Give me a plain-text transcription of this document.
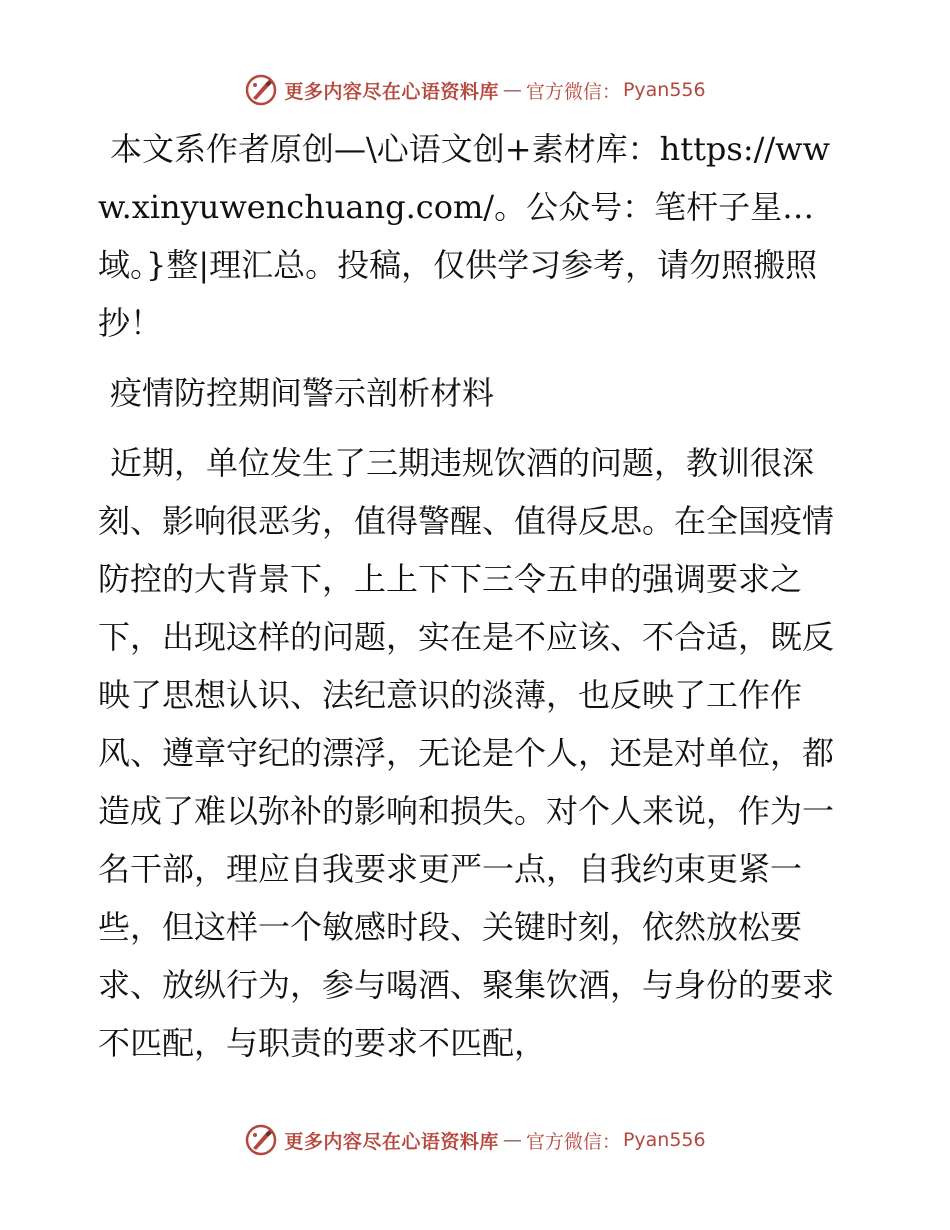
更多内容尽在心语资料库 — 官方微信： Pyan556

本文系作者原创—\心语文创+素材库：https://www.xinyuwenchuang.com/。公众号：笔杆子星…域。}整|理汇总。投稿，仅供学习参考，请勿照搬照抄！

疫情防控期间警示剖析材料

近期，单位发生了三期违规饮酒的问题，教训很深刻、影响很恶劣，值得警醒、值得反思。在全国疫情防控的大背景下，上上下下三令五申的强调要求之下，出现这样的问题，实在是不应该、不合适，既反映了思想认识、法纪意识的淡薄，也反映了工作作风、遵章守纪的漂浮，无论是个人，还是对单位，都造成了难以弥补的影响和损失。对个人来说，作为一名干部，理应自我要求更严一点，自我约束更紧一些，但这样一个敏感时段、关键时刻，依然放松要求、放纵行为，参与喝酒、聚集饮酒，与身份的要求不匹配，与职责的要求不匹配，

更多内容尽在心语资料库 — 官方微信： Pyan556
